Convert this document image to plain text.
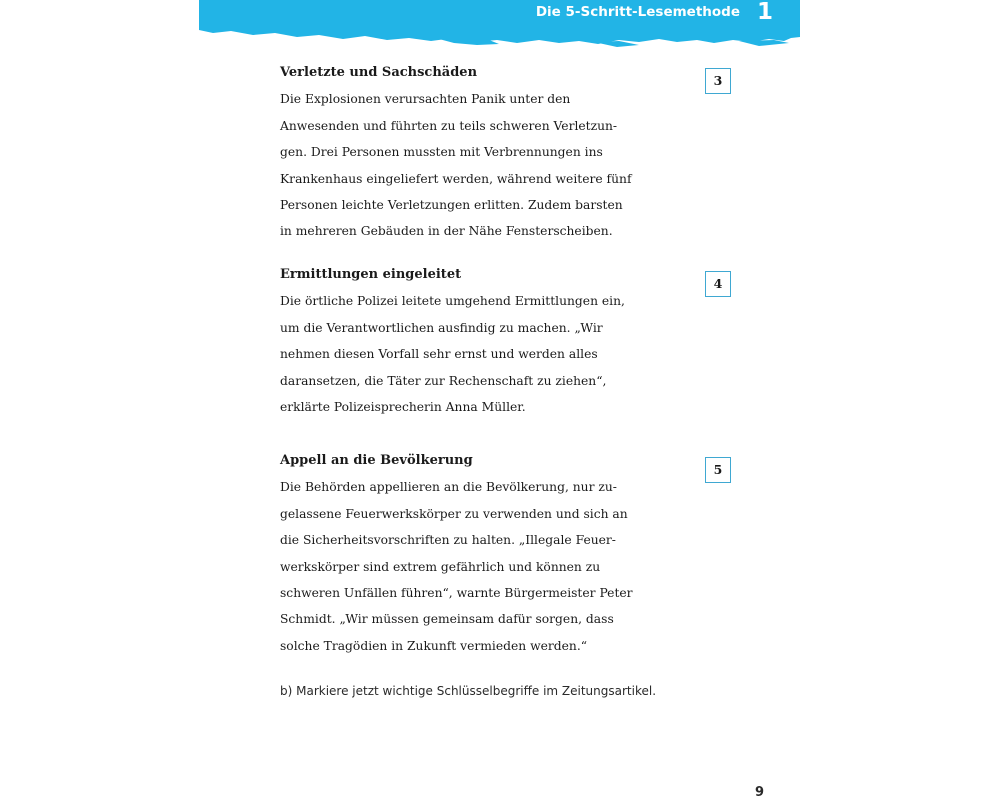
Die 5-Schritt-Lesemethode 1

Verletzte und Sachschäden

Die Explosionen verursachten Panik unter den
Anwesenden und führten zu teils schweren Verletzun-
gen. Drei Personen mussten mit Verbrennungen ins
Krankenhaus eingeliefert werden, während weitere fünf
Personen leichte Verletzungen erlitten. Zudem barsten
in mehreren Gebäuden in der Nähe Fensterscheiben.
3

Ermittlungen eingeleitet

Die örtliche Polizei leitete umgehend Ermittlungen ein,
um die Verantwortlichen ausfindig zu machen. „Wir
nehmen diesen Vorfall sehr ernst und werden alles
daransetzen, die Täter zur Rechenschaft zu ziehen“,
erklärte Polizeisprecherin Anna Müller.
4

Appell an die Bevölkerung

Die Behörden appellieren an die Bevölkerung, nur zu-
gelassene Feuerwerkskörper zu verwenden und sich an
die Sicherheitsvorschriften zu halten. „Illegale Feuer-
werkskörper sind extrem gefährlich und können zu
schweren Unfällen führen“, warnte Bürgermeister Peter
Schmidt. „Wir müssen gemeinsam dafür sorgen, dass
solche Tragödien in Zukunft vermieden werden.“
5
b) Markiere jetzt wichtige Schlüsselbegriffe im Zeitungsartikel.
9
